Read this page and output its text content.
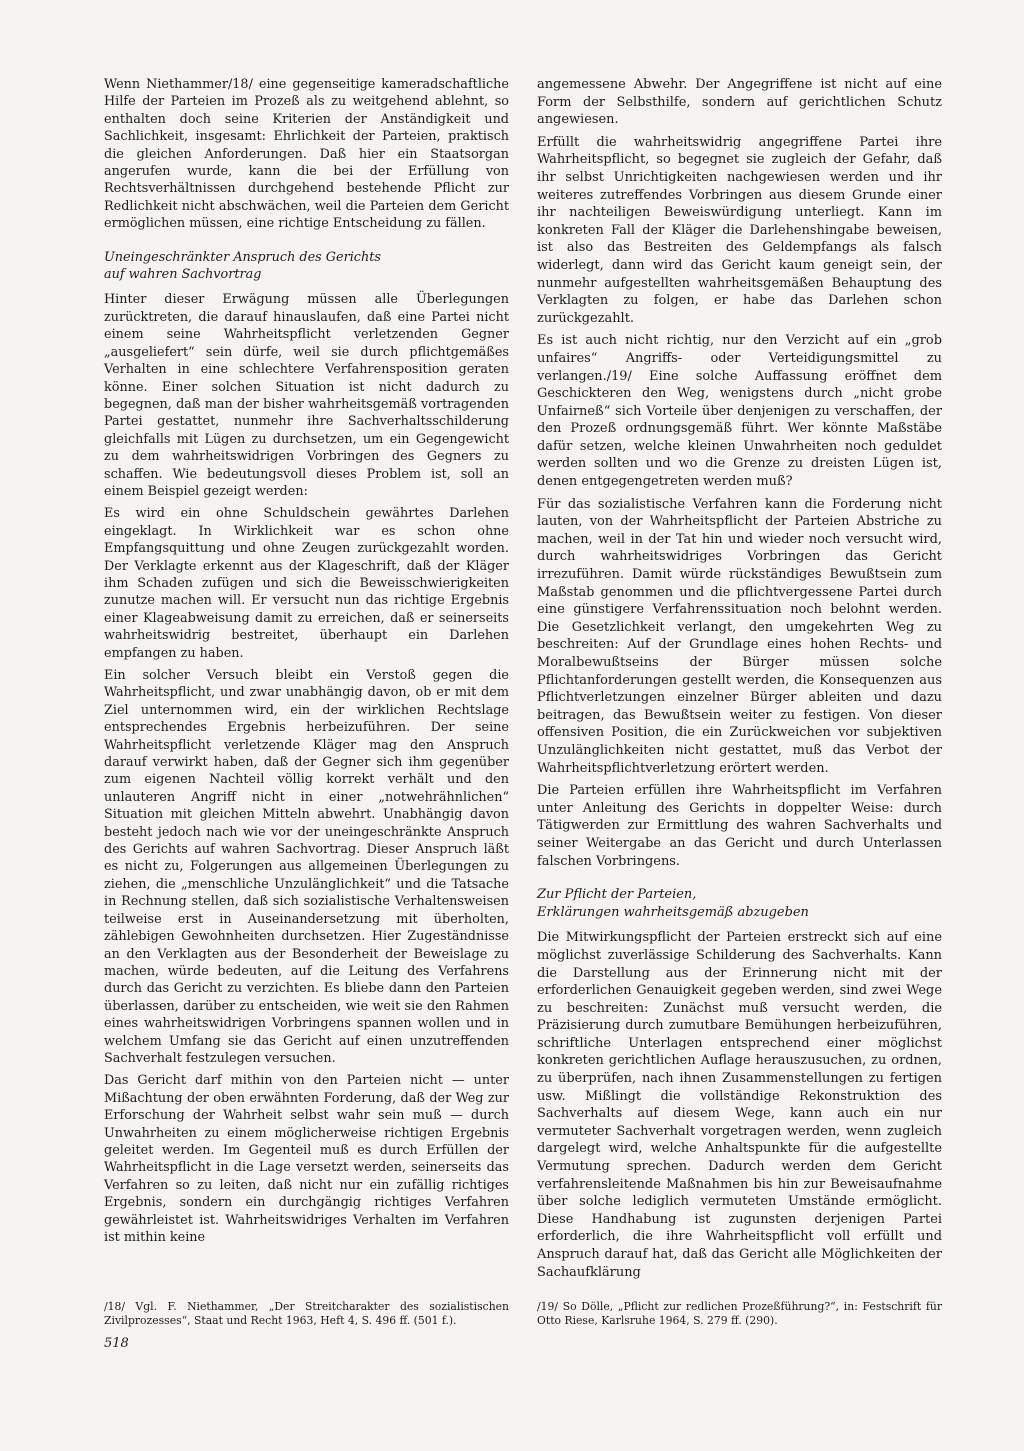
Wenn Niethammer/18/ eine gegenseitige kameradschaftliche Hilfe der Parteien im Prozeß als zu weitgehend ablehnt, so enthalten doch seine Kriterien der Anständigkeit und Sachlichkeit, insgesamt: Ehrlichkeit der Parteien, praktisch die gleichen Anforderungen. Daß hier ein Staatsorgan angerufen wurde, kann die bei der Erfüllung von Rechtsverhältnissen durchgehend bestehende Pflicht zur Redlichkeit nicht abschwächen, weil die Parteien dem Gericht ermöglichen müssen, eine richtige Entscheidung zu fällen.

Uneingeschränkter Anspruch des Gerichts
auf wahren Sachvortrag

Hinter dieser Erwägung müssen alle Überlegungen zurücktreten, die darauf hinauslaufen, daß eine Partei nicht einem seine Wahrheitspflicht verletzenden Gegner „ausgeliefert“ sein dürfe, weil sie durch pflichtgemäßes Verhalten in eine schlechtere Verfahrensposition geraten könne. Einer solchen Situation ist nicht dadurch zu begegnen, daß man der bisher wahrheitsgemäß vortragenden Partei gestattet, nunmehr ihre Sachverhaltsschilderung gleichfalls mit Lügen zu durchsetzen, um ein Gegengewicht zu dem wahrheitswidrigen Vorbringen des Gegners zu schaffen. Wie bedeutungsvoll dieses Problem ist, soll an einem Beispiel gezeigt werden:

Es wird ein ohne Schuldschein gewährtes Darlehen eingeklagt. In Wirklichkeit war es schon ohne Empfangsquittung und ohne Zeugen zurückgezahlt worden. Der Verklagte erkennt aus der Klageschrift, daß der Kläger ihm Schaden zufügen und sich die Beweisschwierigkeiten zunutze machen will. Er versucht nun das richtige Ergebnis einer Klageabweisung damit zu erreichen, daß er seinerseits wahrheitswidrig bestreitet, überhaupt ein Darlehen empfangen zu haben.

Ein solcher Versuch bleibt ein Verstoß gegen die Wahrheitspflicht, und zwar unabhängig davon, ob er mit dem Ziel unternommen wird, ein der wirklichen Rechtslage entsprechendes Ergebnis herbeizuführen. Der seine Wahrheitspflicht verletzende Kläger mag den Anspruch darauf verwirkt haben, daß der Gegner sich ihm gegenüber zum eigenen Nachteil völlig korrekt verhält und den unlauteren Angriff nicht in einer „notwehrähnlichen“ Situation mit gleichen Mitteln abwehrt. Unabhängig davon besteht jedoch nach wie vor der uneingeschränkte Anspruch des Gerichts auf wahren Sachvortrag. Dieser Anspruch läßt es nicht zu, Folgerungen aus allgemeinen Überlegungen zu ziehen, die „menschliche Unzulänglichkeit“ und die Tatsache in Rechnung stellen, daß sich sozialistische Verhaltensweisen teilweise erst in Auseinandersetzung mit überholten, zählebigen Gewohnheiten durchsetzen. Hier Zugeständnisse an den Verklagten aus der Besonderheit der Beweislage zu machen, würde bedeuten, auf die Leitung des Verfahrens durch das Gericht zu verzichten. Es bliebe dann den Parteien überlassen, darüber zu entscheiden, wie weit sie den Rahmen eines wahrheitswidrigen Vorbringens spannen wollen und in welchem Umfang sie das Gericht auf einen unzutreffenden Sachverhalt festzulegen versuchen.

Das Gericht darf mithin von den Parteien nicht — unter Mißachtung der oben erwähnten Forderung, daß der Weg zur Erforschung der Wahrheit selbst wahr sein muß — durch Unwahrheiten zu einem möglicherweise richtigen Ergebnis geleitet werden. Im Gegenteil muß es durch Erfüllen der Wahrheitspflicht in die Lage versetzt werden, seinerseits das Verfahren so zu leiten, daß nicht nur ein zufällig richtiges Ergebnis, sondern ein durchgängig richtiges Verfahren gewährleistet ist. Wahrheitswidriges Verhalten im Verfahren ist mithin keine

angemessene Abwehr. Der Angegriffene ist nicht auf eine Form der Selbsthilfe, sondern auf gerichtlichen Schutz angewiesen.

Erfüllt die wahrheitswidrig angegriffene Partei ihre Wahrheitspflicht, so begegnet sie zugleich der Gefahr, daß ihr selbst Unrichtigkeiten nachgewiesen werden und ihr weiteres zutreffendes Vorbringen aus diesem Grunde einer ihr nachteiligen Beweiswürdigung unterliegt. Kann im konkreten Fall der Kläger die Darlehenshingabe beweisen, ist also das Bestreiten des Geldempfangs als falsch widerlegt, dann wird das Gericht kaum geneigt sein, der nunmehr aufgestellten wahrheitsgemäßen Behauptung des Verklagten zu folgen, er habe das Darlehen schon zurückgezahlt.

Es ist auch nicht richtig, nur den Verzicht auf ein „grob unfaires“ Angriffs- oder Verteidigungsmittel zu verlangen./19/ Eine solche Auffassung eröffnet dem Geschickteren den Weg, wenigstens durch „nicht grobe Unfairneß“ sich Vorteile über denjenigen zu verschaffen, der den Prozeß ordnungsgemäß führt. Wer könnte Maßstäbe dafür setzen, welche kleinen Unwahrheiten noch geduldet werden sollten und wo die Grenze zu dreisten Lügen ist, denen entgegengetreten werden muß?

Für das sozialistische Verfahren kann die Forderung nicht lauten, von der Wahrheitspflicht der Parteien Abstriche zu machen, weil in der Tat hin und wieder noch versucht wird, durch wahrheitswidriges Vorbringen das Gericht irrezuführen. Damit würde rückständiges Bewußtsein zum Maßstab genommen und die pflichtvergessene Partei durch eine günstigere Verfahrenssituation noch belohnt werden. Die Gesetzlichkeit verlangt, den umgekehrten Weg zu beschreiten: Auf der Grundlage eines hohen Rechts- und Moralbewußtseins der Bürger müssen solche Pflichtanforderungen gestellt werden, die Konsequenzen aus Pflichtverletzungen einzelner Bürger ableiten und dazu beitragen, das Bewußtsein weiter zu festigen. Von dieser offensiven Position, die ein Zurückweichen vor subjektiven Unzulänglichkeiten nicht gestattet, muß das Verbot der Wahrheitspflichtverletzung erörtert werden.

Die Parteien erfüllen ihre Wahrheitspflicht im Verfahren unter Anleitung des Gerichts in doppelter Weise: durch Tätigwerden zur Ermittlung des wahren Sachverhalts und seiner Weitergabe an das Gericht und durch Unterlassen falschen Vorbringens.

Zur Pflicht der Parteien,
Erklärungen wahrheitsgemäß abzugeben

Die Mitwirkungspflicht der Parteien erstreckt sich auf eine möglichst zuverlässige Schilderung des Sachverhalts. Kann die Darstellung aus der Erinnerung nicht mit der erforderlichen Genauigkeit gegeben werden, sind zwei Wege zu beschreiten: Zunächst muß versucht werden, die Präzisierung durch zumutbare Bemühungen herbeizuführen, schriftliche Unterlagen entsprechend einer möglichst konkreten gerichtlichen Auflage herauszusuchen, zu ordnen, zu überprüfen, nach ihnen Zusammenstellungen zu fertigen usw. Mißlingt die vollständige Rekonstruktion des Sachverhalts auf diesem Wege, kann auch ein nur vermuteter Sachverhalt vorgetragen werden, wenn zugleich dargelegt wird, welche Anhaltspunkte für die aufgestellte Vermutung sprechen. Dadurch werden dem Gericht verfahrensleitende Maßnahmen bis hin zur Beweisaufnahme über solche lediglich vermuteten Umstände ermöglicht. Diese Handhabung ist zugunsten derjenigen Partei erforderlich, die ihre Wahrheitspflicht voll erfüllt und Anspruch darauf hat, daß das Gericht alle Möglichkeiten der Sachaufklärung

/18/ Vgl. F. Niethammer, „Der Streitcharakter des sozialistischen Zivilprozesses“, Staat und Recht 1963, Heft 4, S. 496 ff. (501 f.).
/19/ So Dölle, „Pflicht zur redlichen Prozeßführung?“, in: Festschrift für Otto Riese, Karlsruhe 1964, S. 279 ff. (290).
518
